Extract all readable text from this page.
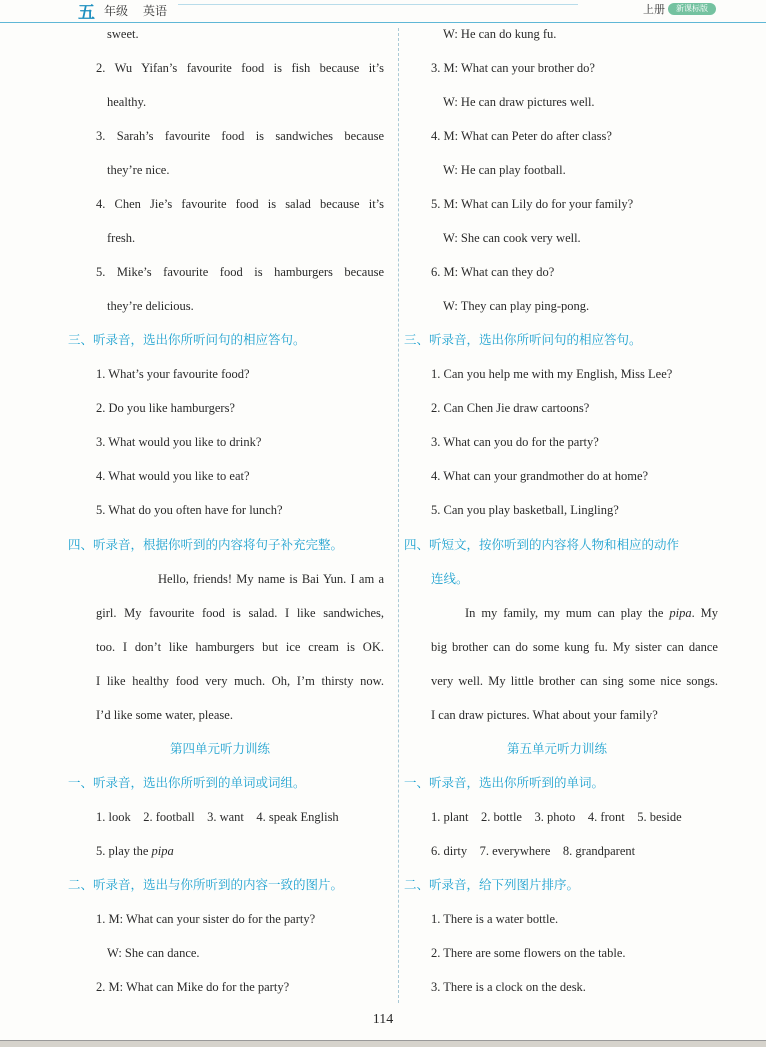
五 年级 英语	上册	新课标版
sweet.
2. Wu Yifan’s favourite food is fish because it’s
healthy.
3. Sarah’s favourite food is sandwiches because
they’re nice.
4. Chen Jie’s favourite food is salad because it’s
fresh.
5. Mike’s favourite food is hamburgers because
they’re delicious.
三、听录音，选出你所听问句的相应答句。
1. What’s your favourite food?
2. Do you like hamburgers?
3. What would you like to drink?
4. What would you like to eat?
5. What do you often have for lunch?
四、听录音，根据你听到的内容将句子补充完整。
Hello, friends! My name is Bai Yun. I am a
girl. My favourite food is salad. I like sandwiches,
too. I don’t like hamburgers but ice cream is OK.
I like healthy food very much. Oh, I’m thirsty now.
I’d like some water, please.
第四单元听力训练
一、听录音，选出你所听到的单词或词组。
1. look    2. football    3. want    4. speak English
5. play the pipa
二、听录音，选出与你所听到的内容一致的图片。
1. M: What can your sister do for the party?
W: She can dance.
2. M: What can Mike do for the party?
W: He can do kung fu.
3. M: What can your brother do?
W: He can draw pictures well.
4. M: What can Peter do after class?
W: He can play football.
5. M: What can Lily do for your family?
W: She can cook very well.
6. M: What can they do?
W: They can play ping-pong.
三、听录音，选出你所听问句的相应答句。
1. Can you help me with my English, Miss Lee?
2. Can Chen Jie draw cartoons?
3. What can you do for the party?
4. What can your grandmother do at home?
5. Can you play basketball, Lingling?
四、听短文，按你听到的内容将人物和相应的动作
连线。
In my family, my mum can play the pipa. My
big brother can do some kung fu. My sister can dance
very well. My little brother can sing some nice songs.
I can draw pictures. What about your family?
第五单元听力训练
一、听录音，选出你所听到的单词。
1. plant    2. bottle    3. photo    4. front    5. beside
6. dirty    7. everywhere    8. grandparent
二、听录音，给下列图片排序。
1. There is a water bottle.
2. There are some flowers on the table.
3. There is a clock on the desk.
114
